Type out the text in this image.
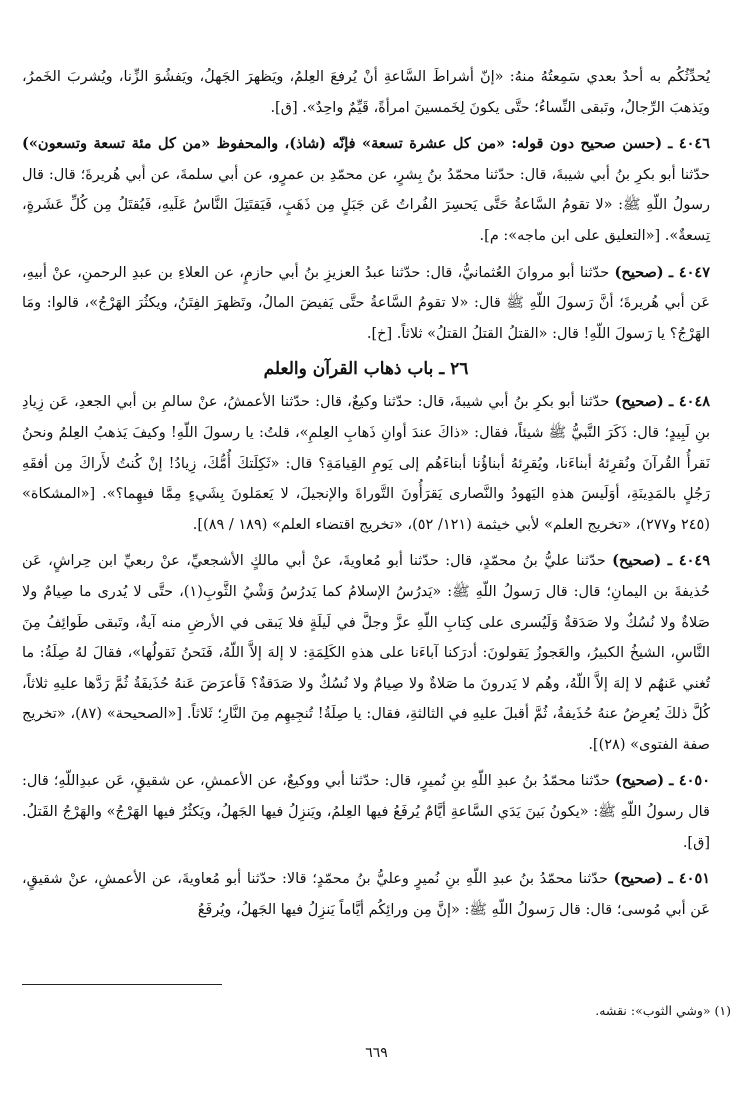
يُحدِّثُكُم به أحدٌ بعدي سَمِعتُهُ منهُ: «إنّ أشراطَ السَّاعةِ أنْ يُرفعَ العِلمُ، ويَظهرَ الجَهلُ، ويَفشُوَ الزِّنا، ويُشربَ الخَمرُ، ويَذهبَ الرِّجالُ، وتَبقى النِّساءُ؛ حتَّى يكونَ لِخَمسينَ امرأةً، قَيِّمٌ واحِدٌ». [ق].

٤٠٤٦ ـ (حسن صحيح دون قوله: «من كل عشرة تسعة» فإنّه (شاذ)، والمحفوظ «من كل مئة تسعة وتسعون») حدّثنا أبو بكرِ بنُ أبي شيبةَ، قال: حدّثنا محمّدُ بنُ بِشرٍ، عن محمّدِ بن عمرٍو، عن أبي سلمةَ، عن أبي هُريرةَ؛ قال: قال رسولُ اللّهِ ﷺ: «لا تقومُ السَّاعةُ حَتَّى يَحسِرَ الفُراتُ عَن جَبَلٍ مِن ذَهَبٍ، فَيَقتَتِلَ النَّاسُ عَلَيهِ، فَيُقتَلُ مِن كُلِّ عَشَرةٍ، تِسعةٌ». [«التعليق على ابن ماجه»: م].

٤٠٤٧ ـ (صحيح) حدّثنا أبو مروانَ العُثمانيُّ، قال: حدّثنا عبدُ العزيزِ بنُ أبي حازمٍ، عن العلاءِ بن عبدِ الرحمنِ، عنْ أبيهِ، عَن أبي هُريرةَ؛ أنَّ رَسولَ اللّهِ ﷺ قال: «لا تقومُ السَّاعةُ حتَّى يَفيضَ المالُ، وتَظهرَ الفِتَنُ، ويكثُرَ الهَرْجُ»، قالوا: ومَا الهَرْجُ؟ يا رَسولَ اللّهِ! قال: «القتلُ القتلُ القتلُ» ثلاثاً. [خ].

٢٦ ـ باب ذهاب القرآن والعلم

٤٠٤٨ ـ (صحيح) حدّثنا أبو بكرِ بنُ أبي شيبةَ، قال: حدّثنا وكيعٌ، قال: حدّثنا الأعمشُ، عنْ سالمِ بن أبي الجعدِ، عَن زِيادِ بنِ لَبِيدٍ؛ قال: ذَكَرَ النَّبيُّ ﷺ شيئاً، فقال: «ذاكَ عندَ أوانِ ذَهابِ العِلمِ»، قلتُ: يا رسولَ اللّهِ! وكيفَ يَذهبُ العِلمُ ونحنُ نَقرأُ القُرآنَ ونُقرِئهُ أبناءَنا، ويُقرِئهُ أبناؤُنا أبناءَهُم إلى يَومِ القِيامَةِ؟ قال: «ثَكِلَتكَ أُمُّكَ، زِيادُ! إنْ كُنتُ لأَراكَ مِن أفقَهِ رَجُلٍ بالمَدِينَةِ، أوَلَيسَ هذهِ اليَهودُ والنَّصارى يَقرَأُونَ التَّوراةَ والإنجيلَ، لا يَعمَلونَ بِشَيءٍ مِمَّا فيهِما؟». [«المشكاة» (٢٤٥ و٢٧٧)، «تخريج العلم» لأبي خيثمة (١٢١/ ٥٢)، «تخريج اقتضاء العلم» (١٨٩ / ٨٩)].

٤٠٤٩ ـ (صحيح) حدّثنا عليُّ بنُ محمّدٍ، قال: حدّثنا أبو مُعاويةَ، عنْ أبي مالكٍ الأشجعيِّ، عنْ ربعيِّ ابن حِراشٍ، عَن حُذيفةَ بن اليمانِ؛ قال: قال رَسولُ اللّهِ ﷺ: «يَدرُسُ الإسلامُ كما يَدرُسُ وَشْيُ الثَّوبِ(١)، حتَّى لا يُدرى ما صِيامٌ ولا صَلاةٌ ولا نُسُكٌ ولا صَدَقةٌ وَلَيُسرى على كِتابِ اللّهِ عزَّ وجلَّ في لَيلَةٍ فلا يَبقى في الأرضِ منه آيةٌ، وتَبقى طَوائِفُ مِنَ النَّاسِ، الشيخُ الكبيرُ، والعَجوزُ يَقولونَ: أدرَكنا آباءَنا على هذهِ الكَلِمَةِ: لا إلهَ إلاَّ اللّهُ، فَنَحنُ نَقولُها»، فقالَ لهُ صِلَةُ: ما تُغني عَنهُم لا إلهَ إلاَّ اللّهُ، وهُم لا يَدرونَ ما صَلاةٌ ولا صِيامٌ ولا نُسُكٌ ولا صَدَقةٌ؟ فَأعرَضَ عَنهُ حُذَيفَةُ ثُمَّ رَدَّها عليهِ ثلاثاً، كُلَّ ذلكَ يُعرِضُ عنهُ حُذَيفةُ، ثُمَّ أقبلَ عليهِ في الثالثةِ، فقال: يا صِلَةُ! تُنجِيهِم مِنَ النَّارِ؛ ثَلاثاً. [«الصحيحة» (٨٧)، «تخريج صفة الفتوى» (٢٨)].

٤٠٥٠ ـ (صحيح) حدّثنا محمّدُ بنُ عبدِ اللّهِ بنِ نُميرٍ، قال: حدّثنا أبي ووكيعٌ، عن الأعمشِ، عن شقيقٍ، عَن عبدِاللّهِ؛ قال: قال رسولُ اللّهِ ﷺ: «يكونُ بَينَ يَدَي السَّاعةِ أيَّامٌ يُرفَعُ فيها العِلمُ، ويَنزِلُ فيها الجَهلُ، ويَكثُرُ فيها الهَرْجُ» والهَرْجُ القَتلُ. [ق].

٤٠٥١ ـ (صحيح) حدّثنا محمّدُ بنُ عبدِ اللّهِ بنِ نُميرٍ وعليُّ بنُ محمّدٍ؛ قالا: حدّثنا أبو مُعاويةَ، عن الأعمشِ، عنْ شقيقٍ، عَن أبي مُوسى؛ قال: قال رَسولُ اللّهِ ﷺ: «إنَّ مِن ورائِكُم أيَّاماً يَنزِلُ فيها الجَهلُ، ويُرفَعُ

(١) «وشي الثوب»: نقشه.
٦٦٩
